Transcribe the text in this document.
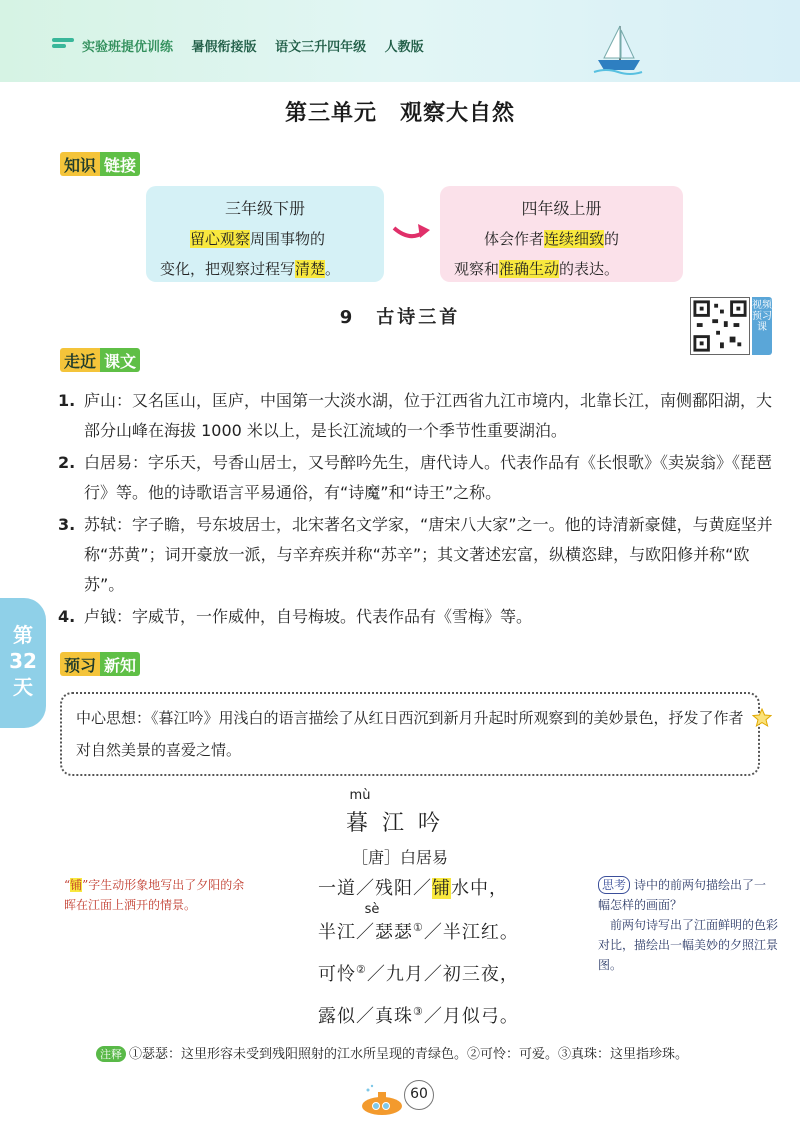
实验班提优训练 暑假衔接版 语文三升四年级 人教版
第三单元　观察大自然
知识 链接
三年级下册
  留心观察周围事物的
变化，把观察过程写清楚。
四年级上册
  体会作者连续细致的
观察和准确生动的表达。
9　古诗三首
视频预习课
走近 课文
1. 庐山：又名匡山，匡庐，中国第一大淡水湖，位于江西省九江市境内，北靠长江，南侧鄱阳湖，大部分山峰在海拔 1000 米以上，是长江流域的一个季节性重要湖泊。
2. 白居易：字乐天，号香山居士，又号醉吟先生，唐代诗人。代表作品有《长恨歌》《卖炭翁》《琵琶行》等。他的诗歌语言平易通俗，有“诗魔”和“诗王”之称。
3. 苏轼：字子瞻，号东坡居士，北宋著名文学家，“唐宋八大家”之一。他的诗清新豪健，与黄庭坚并称“苏黄”；词开豪放一派，与辛弃疾并称“苏辛”；其文著述宏富，纵横恣肆，与欧阳修并称“欧苏”。
4. 卢钺：字威节，一作威仲，自号梅坡。代表作品有《雪梅》等。
第
32
天
预习 新知
中心思想：《暮江吟》用浅白的语言描绘了从红日西沉到新月升起时所观察到的美妙景色，抒发了作者对自然美景的喜爱之情。
mù
暮江吟
［唐］白居易
一道／残阳／铺水中，
sè
半江／瑟瑟①／半江红。
可怜②／九月／初三夜，
露似／真珠③／月似弓。
“铺”字生动形象地写出了夕阳的余晖在江面上洒开的情景。
思考 诗中的前两句描绘出了一幅怎样的画面？
 前两句诗写出了江面鲜明的色彩对比，描绘出一幅美妙的夕照江景图。
注释 ①瑟瑟：这里形容未受到残阳照射的江水所呈现的青绿色。②可怜：可爱。③真珠：这里指珍珠。
60
